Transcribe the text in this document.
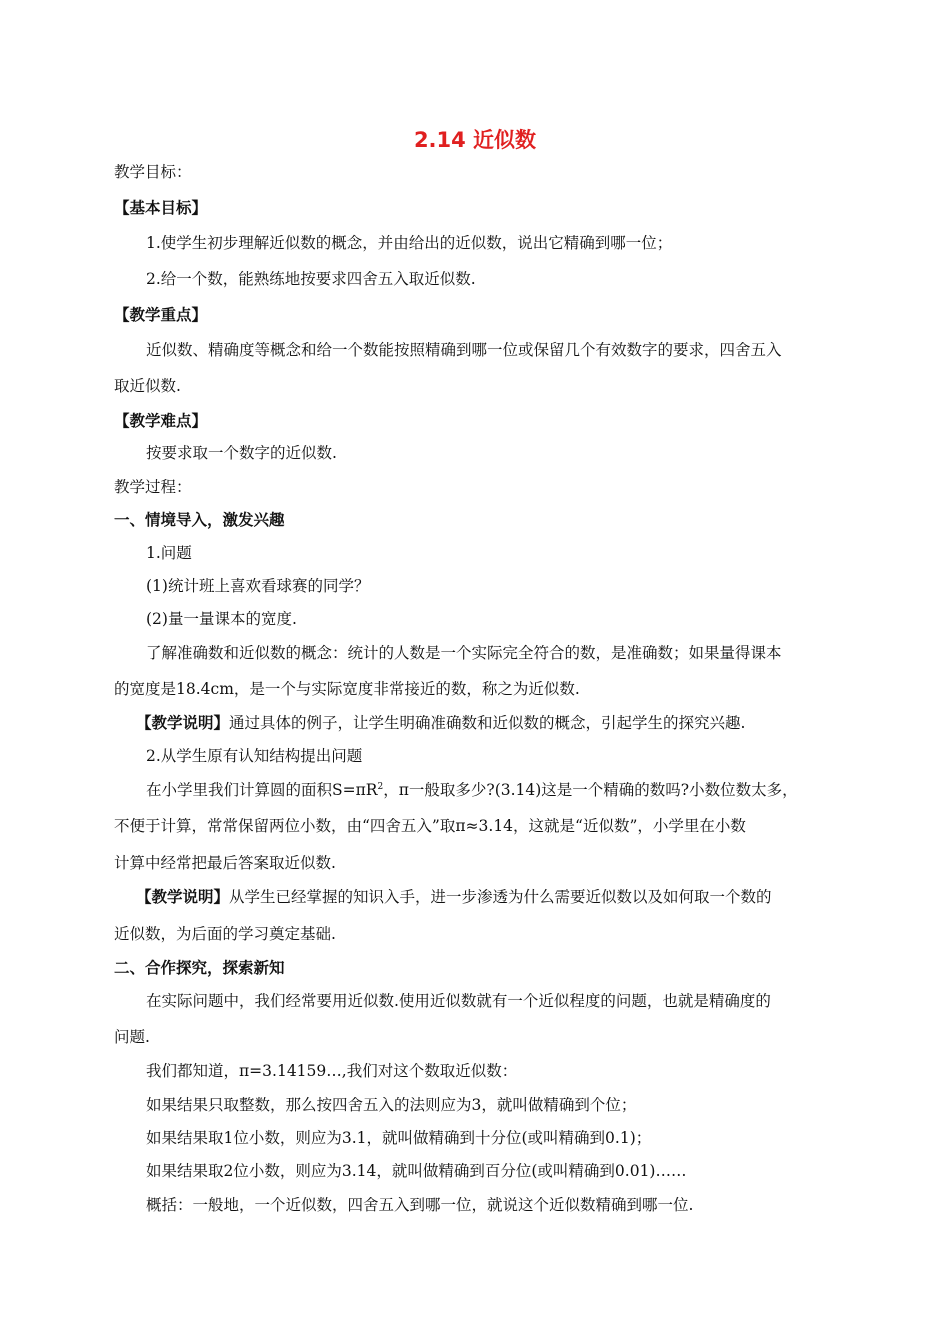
2.14 近似数
教学目标：
【基本目标】
1.使学生初步理解近似数的概念，并由给出的近似数，说出它精确到哪一位；
2.给一个数，能熟练地按要求四舍五入取近似数.
【教学重点】
近似数、精确度等概念和给一个数能按照精确到哪一位或保留几个有效数字的要求，四舍五入
取近似数.
【教学难点】
按要求取一个数字的近似数.
教学过程：
一、情境导入，激发兴趣
1.问题
(1)统计班上喜欢看球赛的同学？
(2)量一量课本的宽度.
了解准确数和近似数的概念：统计的人数是一个实际完全符合的数，是准确数；如果量得课本
的宽度是18.4cm，是一个与实际宽度非常接近的数，称之为近似数.
【教学说明】通过具体的例子，让学生明确准确数和近似数的概念，引起学生的探究兴趣.
2.从学生原有认知结构提出问题
在小学里我们计算圆的面积$S=\pi R^2$，π一般取多少?(3.14)这是一个精确的数吗?小数位数太多，
不便于计算，常常保留两位小数，由“四舍五入”取π≈3.14，这就是“近似数”，小学里在小数
计算中经常把最后答案取近似数.
【教学说明】从学生已经掌握的知识入手，进一步渗透为什么需要近似数以及如何取一个数的
近似数，为后面的学习奠定基础.
二、合作探究，探索新知
在实际问题中，我们经常要用近似数.使用近似数就有一个近似程度的问题，也就是精确度的
问题.
我们都知道，π=3.14159…,我们对这个数取近似数：
如果结果只取整数，那么按四舍五入的法则应为3，就叫做精确到个位；
如果结果取1位小数，则应为3.1，就叫做精确到十分位(或叫精确到0.1)；
如果结果取2位小数，则应为3.14，就叫做精确到百分位(或叫精确到0.01)……
概括：一般地，一个近似数，四舍五入到哪一位，就说这个近似数精确到哪一位.
